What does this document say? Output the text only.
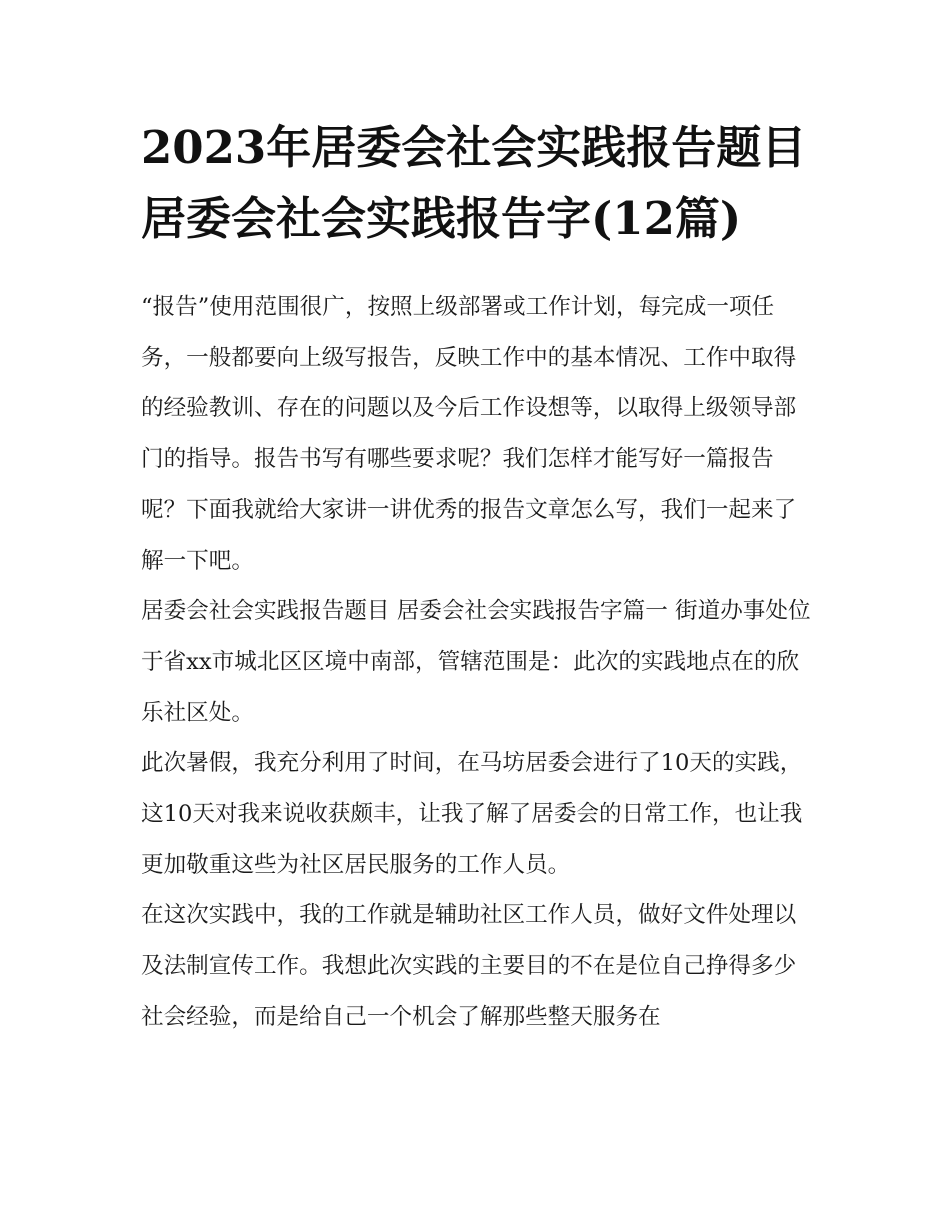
2023年居委会社会实践报告题目 居委会社会实践报告字(12篇)

“报告”使用范围很广，按照上级部署或工作计划，每完成一项任务，一般都要向上级写报告，反映工作中的基本情况、工作中取得的经验教训、存在的问题以及今后工作设想等，以取得上级领导部门的指导。报告书写有哪些要求呢？我们怎样才能写好一篇报告呢？下面我就给大家讲一讲优秀的报告文章怎么写，我们一起来了解一下吧。

居委会社会实践报告题目 居委会社会实践报告字篇一 街道办事处位于省xx市城北区区境中南部，管辖范围是：此次的实践地点在的欣乐社区处。

此次暑假，我充分利用了时间，在马坊居委会进行了10天的实践，这10天对我来说收获颇丰，让我了解了居委会的日常工作，也让我更加敬重这些为社区居民服务的工作人员。

在这次实践中，我的工作就是辅助社区工作人员，做好文件处理以及法制宣传工作。我想此次实践的主要目的不在是位自己挣得多少社会经验，而是给自己一个机会了解那些整天服务在
